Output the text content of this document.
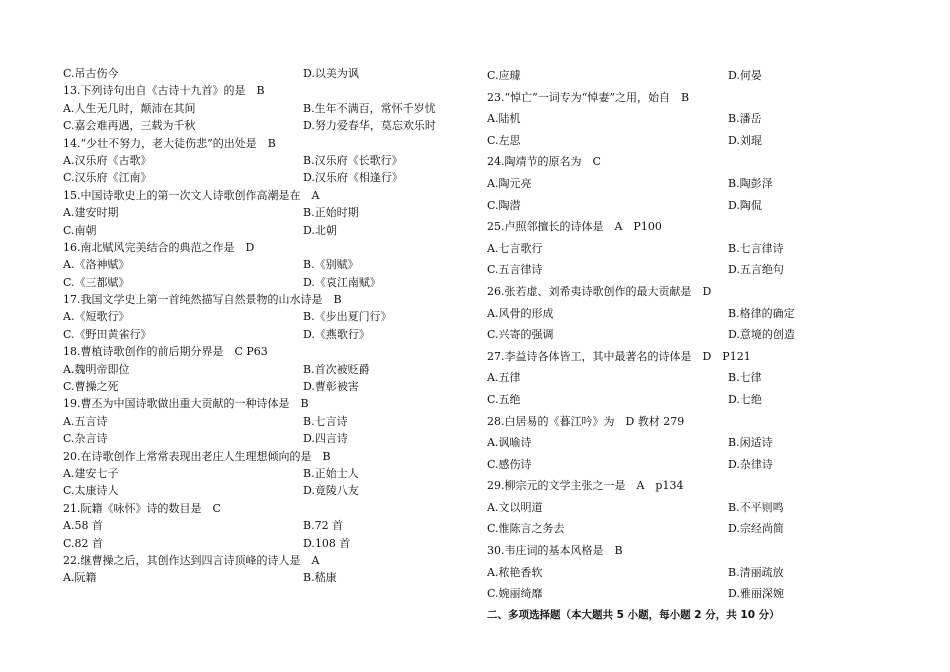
C.吊古伤今	D.以美为讽
13.下列诗句出自《古诗十九首》的是　B
A.人生无几时，颠沛在其间	B.生年不满百，常怀千岁忧
C.嘉会难再遇，三载为千秋	D.努力爱春华，莫忘欢乐时
14.“少壮不努力，老大徒伤悲”的出处是　B
A.汉乐府《古歌》	B.汉乐府《长歌行》
C.汉乐府《江南》	D.汉乐府《相逢行》
15.中国诗歌史上的第一次文人诗歌创作高潮是在　A
A.建安时期	B.正始时期
C.南朝	D.北朝
16.南北赋风完美结合的典范之作是　D
A.《洛神赋》	B.《别赋》
C.《三都赋》	D.《哀江南赋》
17.我国文学史上第一首纯然描写自然景物的山水诗是　B
A.《短歌行》	B.《步出夏门行》
C.《野田黄雀行》	D.《燕歌行》
18.曹植诗歌创作的前后期分界是　C P63
A.魏明帝即位	B.首次被贬爵
C.曹操之死	D.曹彰被害
19.曹丕为中国诗歌做出重大贡献的一种诗体是　B
A.五言诗	B.七言诗
C.杂言诗	D.四言诗
20.在诗歌创作上常常表现出老庄人生理想倾向的是　B
A.建安七子	B.正始士人
C.太康诗人	D.竟陵八友
21.阮籍《咏怀》诗的数目是　C
A.58 首	B.72 首
C.82 首	D.108 首
22.继曹操之后，其创作达到四言诗顶峰的诗人是　A
A.阮籍	B.嵇康
C.应璩	D.何晏
23.“悼亡”一词专为“悼妻”之用，始自　B
A.陆机	B.潘岳
C.左思	D.刘琨
24.陶靖节的原名为　C
A.陶元亮	B.陶彭泽
C.陶潜	D.陶侃
25.卢照邻擅长的诗体是　A　P100
A.七言歌行	B.七言律诗
C.五言律诗	D.五言绝句
26.张若虚、刘希夷诗歌创作的最大贡献是　D
A.风骨的形成	B.格律的确定
C.兴寄的强调	D.意境的创造
27.李益诗各体皆工，其中最著名的诗体是　D　P121
A.五律	B.七律
C.五绝	D.七绝
28.白居易的《暮江吟》为　D 教材 279
A.讽喻诗	B.闲适诗
C.感伤诗	D.杂律诗
29.柳宗元的文学主张之一是　A　p134
A.文以明道	B.不平则鸣
C.惟陈言之务去	D.宗经尚简
30.韦庄词的基本风格是　B
A.秾艳香软	B.清丽疏放
C.婉丽绮靡	D.雅丽深婉
二、多项选择题（本大题共 5 小题，每小题 2 分，共 10 分）
